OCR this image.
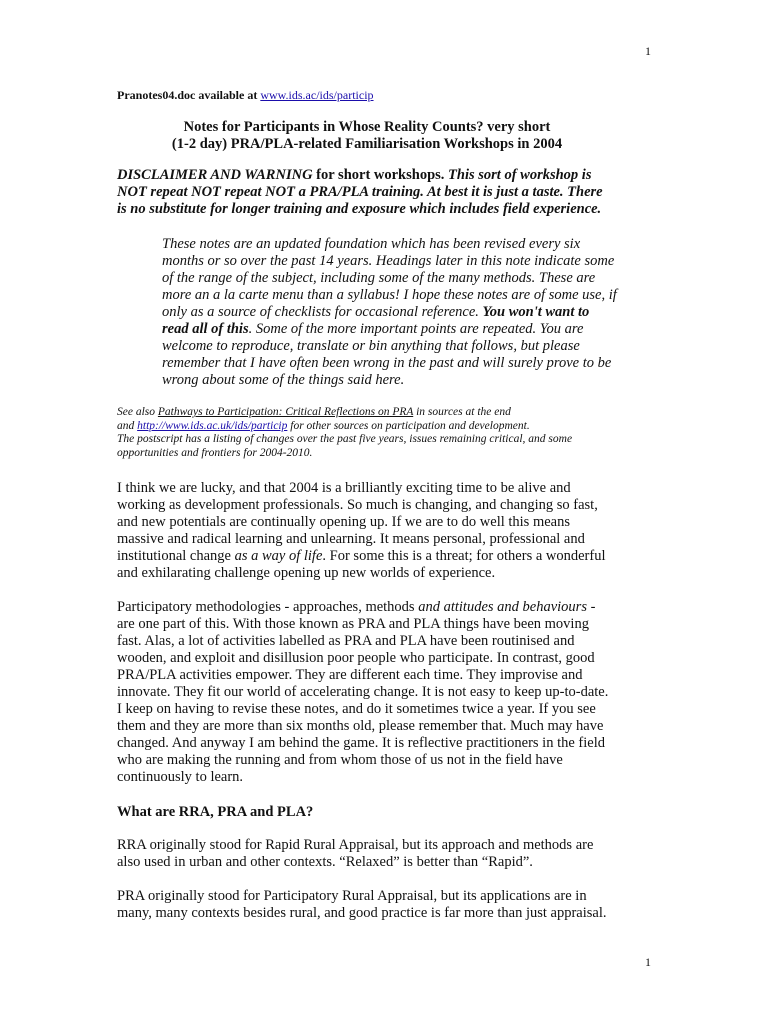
1
Pranotes04.doc available at www.ids.ac/ids/particip
Notes for Participants in Whose Reality Counts? very short
(1-2 day) PRA/PLA-related Familiarisation Workshops in 2004
DISCLAIMER AND WARNING for short workshops. This sort of workshop is
NOT repeat NOT repeat NOT a PRA/PLA training. At best it is just a taste. There
is no substitute for longer training and exposure which includes field experience.
These notes are an updated foundation which has been revised every six
months or so over the past 14 years. Headings later in this note indicate some
of the range of the subject, including some of the many methods. These are
more an a la carte menu than a syllabus! I hope these notes are of some use, if
only as a source of checklists for occasional reference. You won't want to
read all of this. Some of the more important points are repeated. You are
welcome to reproduce, translate or bin anything that follows, but please
remember that I have often been wrong in the past and will surely prove to be
wrong about some of the things said here.
See also Pathways to Participation: Critical Reflections on PRA in sources at the end
and http://www.ids.ac.uk/ids/particip for other sources on participation and development.
The postscript has a listing of changes over the past five years, issues remaining critical, and some
opportunities and frontiers for 2004-2010.
I think we are lucky, and that 2004 is a brilliantly exciting time to be alive and
working as development professionals. So much is changing, and changing so fast,
and new potentials are continually opening up. If we are to do well this means
massive and radical learning and unlearning. It means personal, professional and
institutional change as a way of life. For some this is a threat; for others a wonderful
and exhilarating challenge opening up new worlds of experience.
Participatory methodologies - approaches, methods and attitudes and behaviours -
are one part of this. With those known as PRA and PLA things have been moving
fast. Alas, a lot of activities labelled as PRA and PLA have been routinised and
wooden, and exploit and disillusion poor people who participate. In contrast, good
PRA/PLA activities empower. They are different each time. They improvise and
innovate. They fit our world of accelerating change. It is not easy to keep up-to-date.
I keep on having to revise these notes, and do it sometimes twice a year. If you see
them and they are more than six months old, please remember that. Much may have
changed. And anyway I am behind the game. It is reflective practitioners in the field
who are making the running and from whom those of us not in the field have
continuously to learn.
What are RRA, PRA and PLA?
RRA originally stood for Rapid Rural Appraisal, but its approach and methods are
also used in urban and other contexts. “Relaxed” is better than “Rapid”.
PRA originally stood for Participatory Rural Appraisal, but its applications are in
many, many contexts besides rural, and good practice is far more than just appraisal.
1
